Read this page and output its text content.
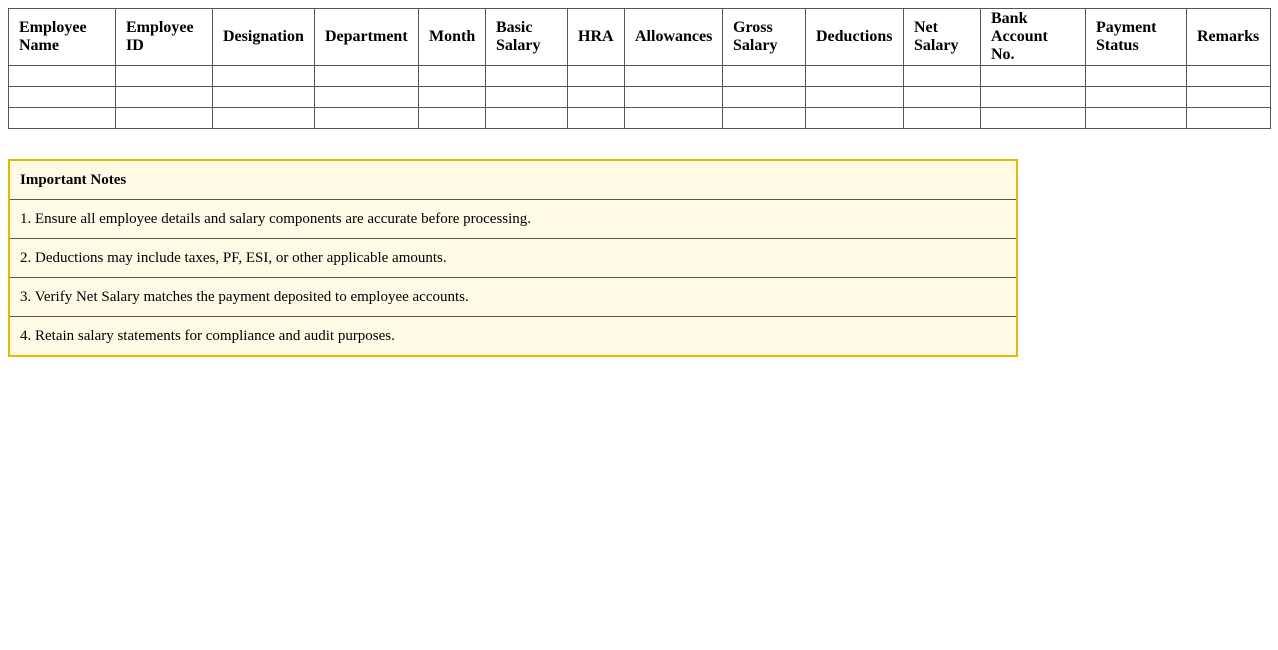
Employee Name	Employee ID	Designation	Department	Month	Basic Salary	HRA	Allowances	Gross Salary	Deductions	Net Salary	Bank Account No.	Payment Status	Remarks

Important Notes
1. Ensure all employee details and salary components are accurate before processing.
2. Deductions may include taxes, PF, ESI, or other applicable amounts.
3. Verify Net Salary matches the payment deposited to employee accounts.
4. Retain salary statements for compliance and audit purposes.
